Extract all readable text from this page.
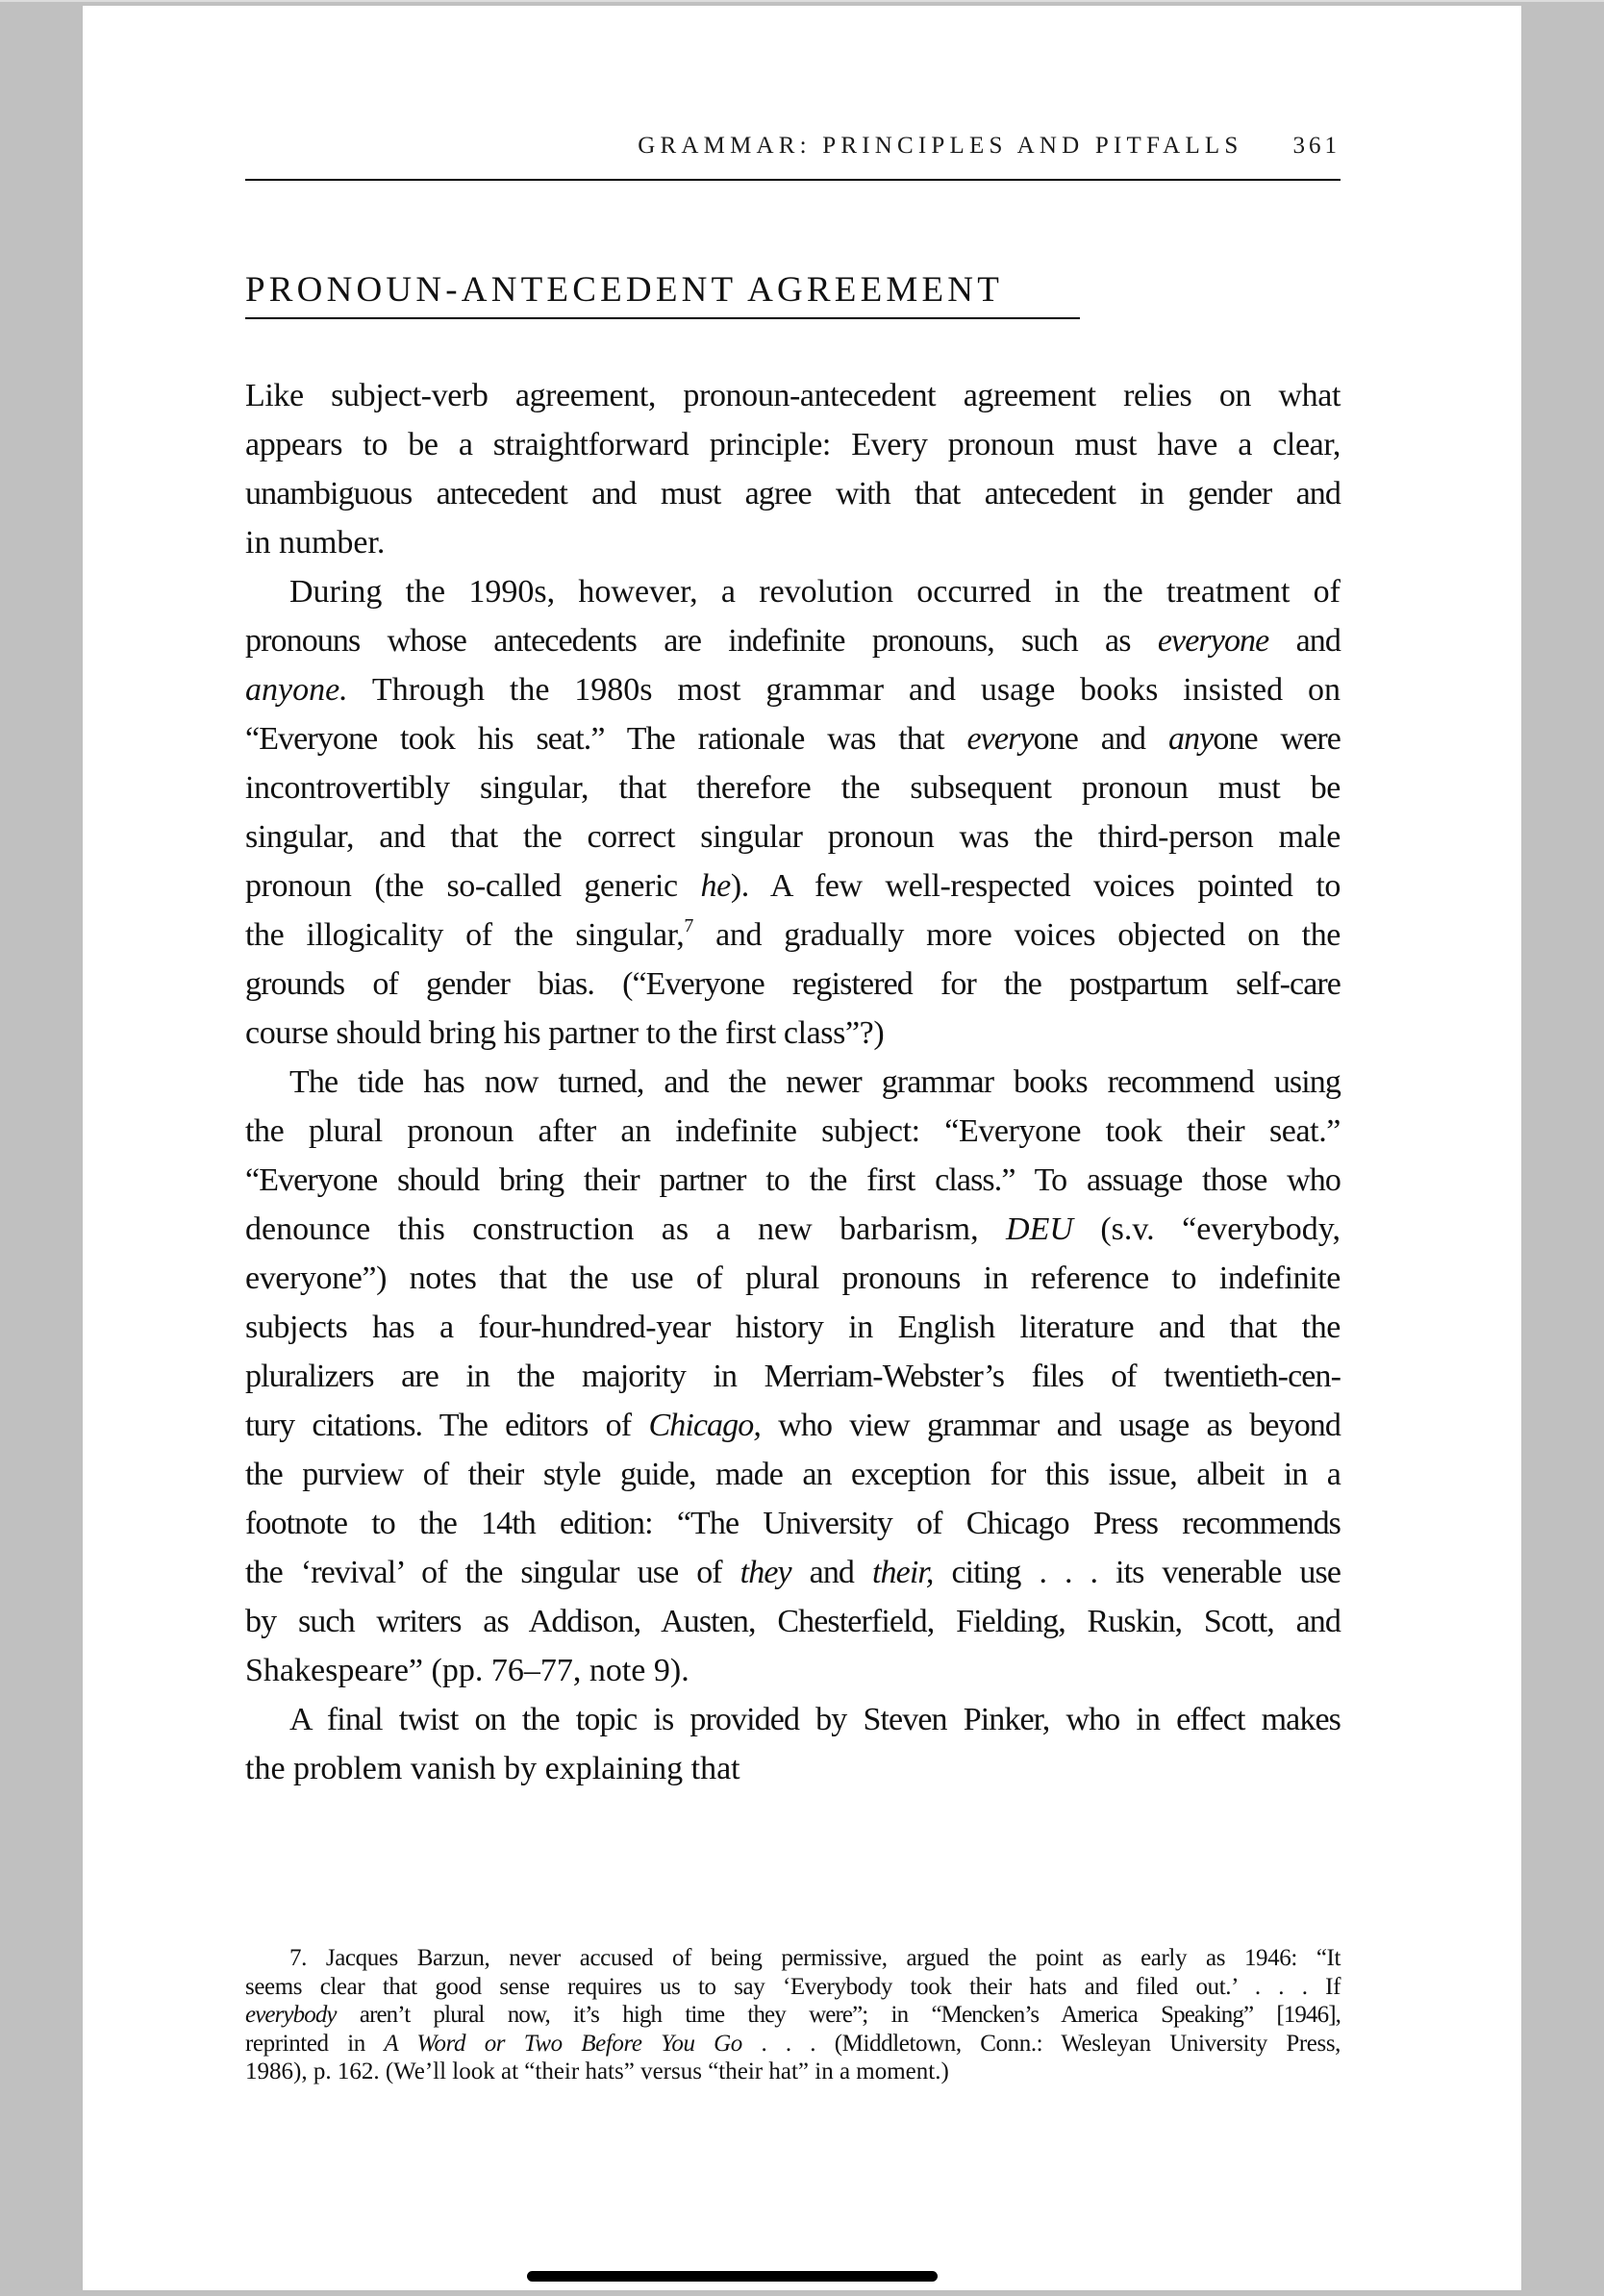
GRAMMAR: PRINCIPLES AND PITFALLS 361
PRONOUN-ANTECEDENT AGREEMENT
Like subject-verb agreement, pronoun-antecedent agreement relies on what
appears to be a straightforward principle: Every pronoun must have a clear,
unambiguous antecedent and must agree with that antecedent in gender and
in number.
During the 1990s, however, a revolution occurred in the treatment of
pronouns whose antecedents are indefinite pronouns, such as everyone and
anyone. Through the 1980s most grammar and usage books insisted on
“Everyone took his seat.” The rationale was that everyone and anyone were
incontrovertibly singular, that therefore the subsequent pronoun must be
singular, and that the correct singular pronoun was the third-person male
pronoun (the so-called generic he). A few well-respected voices pointed to
the illogicality of the singular,$^7$ and gradually more voices objected on the
grounds of gender bias. (“Everyone registered for the postpartum self-care
course should bring his partner to the first class”?)
The tide has now turned, and the newer grammar books recommend using
the plural pronoun after an indefinite subject: “Everyone took their seat.”
“Everyone should bring their partner to the first class.” To assuage those who
denounce this construction as a new barbarism, DEU (s.v. “everybody,
everyone”) notes that the use of plural pronouns in reference to indefinite
subjects has a four-hundred-year history in English literature and that the
pluralizers are in the majority in Merriam-Webster’s files of twentieth-cen-
tury citations. The editors of Chicago, who view grammar and usage as beyond
the purview of their style guide, made an exception for this issue, albeit in a
footnote to the 14th edition: “The University of Chicago Press recommends
the ‘revival’ of the singular use of they and their, citing . . . its venerable use
by such writers as Addison, Austen, Chesterfield, Fielding, Ruskin, Scott, and
Shakespeare” (pp. 76–77, note 9).
A final twist on the topic is provided by Steven Pinker, who in effect makes
the problem vanish by explaining that
7. Jacques Barzun, never accused of being permissive, argued the point as early as 1946: “It
seems clear that good sense requires us to say ‘Everybody took their hats and filed out.’ . . . If
everybody aren’t plural now, it’s high time they were”; in “Mencken’s America Speaking” [1946],
reprinted in A Word or Two Before You Go . . . (Middletown, Conn.: Wesleyan University Press,
1986), p. 162. (We’ll look at “their hats” versus “their hat” in a moment.)
